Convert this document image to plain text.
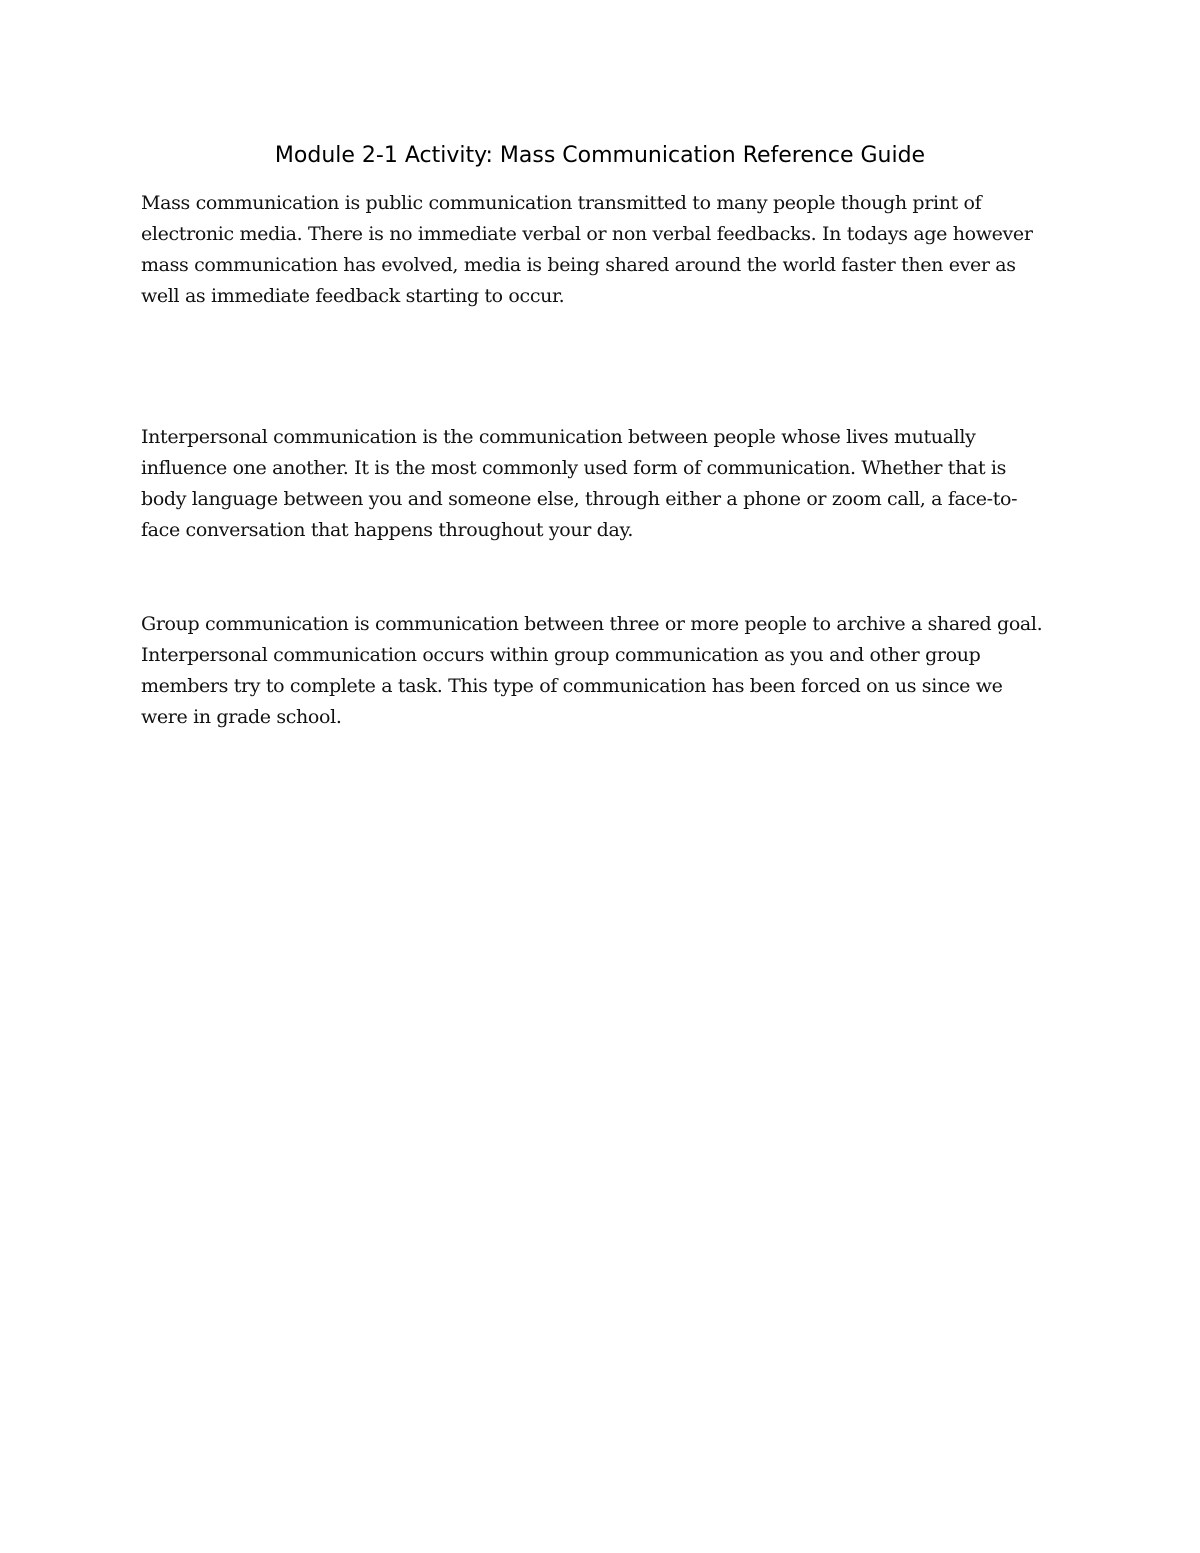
Module 2-1 Activity: Mass Communication Reference Guide

Mass communication is public communication transmitted to many people though print of
electronic media. There is no immediate verbal or non verbal feedbacks. In todays age however
mass communication has evolved, media is being shared around the world faster then ever as
well as immediate feedback starting to occur.

Interpersonal communication is the communication between people whose lives mutually
influence one another. It is the most commonly used form of communication. Whether that is
body language between you and someone else, through either a phone or zoom call, a face-to-
face conversation that happens throughout your day.

Group communication is communication between three or more people to archive a shared goal.
Interpersonal communication occurs within group communication as you and other group
members try to complete a task. This type of communication has been forced on us since we
were in grade school.
